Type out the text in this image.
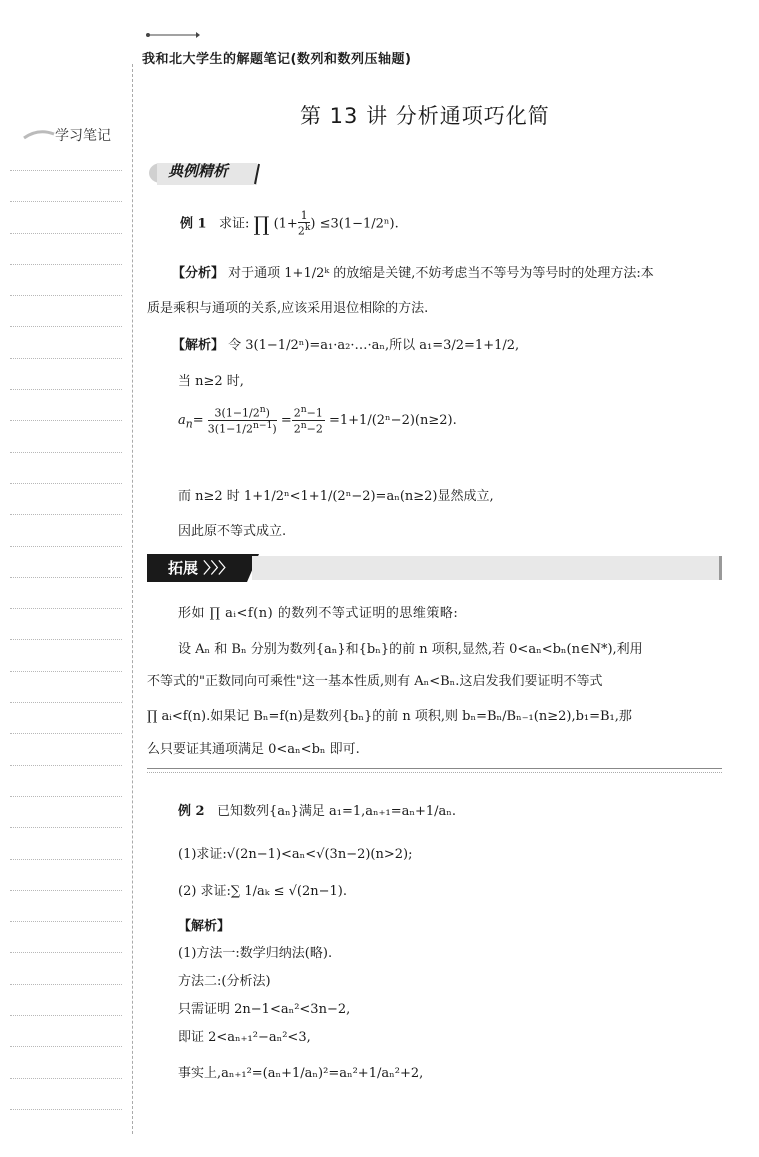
我和北大学生的解题笔记(数列和数列压轴题)
学习笔记
第 13 讲 分析通项巧化简
典例精析
例 1 求证: ∏ ($1+ \frac{1}{2^k}$ ) ≤3(1−1/2ⁿ).
【分析】 对于通项 1+1/2ᵏ 的放缩是关键,不妨考虑当不等号为等号时的处理方法:本
质是乘积与通项的关系,应该采用退位相除的方法.
【解析】 令 3(1−1/2ⁿ)=a₁·a₂·…·aₙ,所以 a₁=3/2=1+1/2,
当 n≥2 时,
$a_n= \frac{3(1-1/2^n)}{3(1-1/2^{n-1})} = \frac{2^n-1}{2^n-2} =1+1/(2^n-2)(n\ge 2)$.
而 n≥2 时 1+1/2ⁿ<1+1/(2ⁿ−2)=aₙ(n≥2)显然成立,
因此原不等式成立.
拓展 〉〉〉
形如 ∏ aᵢ<f(n) 的数列不等式证明的思维策略:
设 Aₙ 和 Bₙ 分别为数列{aₙ}和{bₙ}的前 n 项积,显然,若 0<aₙ<bₙ(n∈N*),利用
不等式的"正数同向可乘性"这一基本性质,则有 Aₙ<Bₙ.这启发我们要证明不等式
∏ aᵢ<f(n).如果记 Bₙ=f(n)是数列{bₙ}的前 n 项积,则 bₙ=Bₙ/Bₙ₋₁(n≥2),b₁=B₁,那
么只要证其通项满足 0<aₙ<bₙ 即可.
例 2 已知数列{aₙ}满足 a₁=1,aₙ₊₁=aₙ+1/aₙ.
(1)求证:√(2n−1)<aₙ<√(3n−2)(n>2);
(2) 求证:∑ 1/aₖ ≤ √(2n−1).
【解析】
(1)方法一:数学归纳法(略).
方法二:(分析法)
只需证明 2n−1<aₙ²<3n−2,
即证 2<aₙ₊₁²−aₙ²<3,
事实上,aₙ₊₁²=(aₙ+1/aₙ)²=aₙ²+1/aₙ²+2,
